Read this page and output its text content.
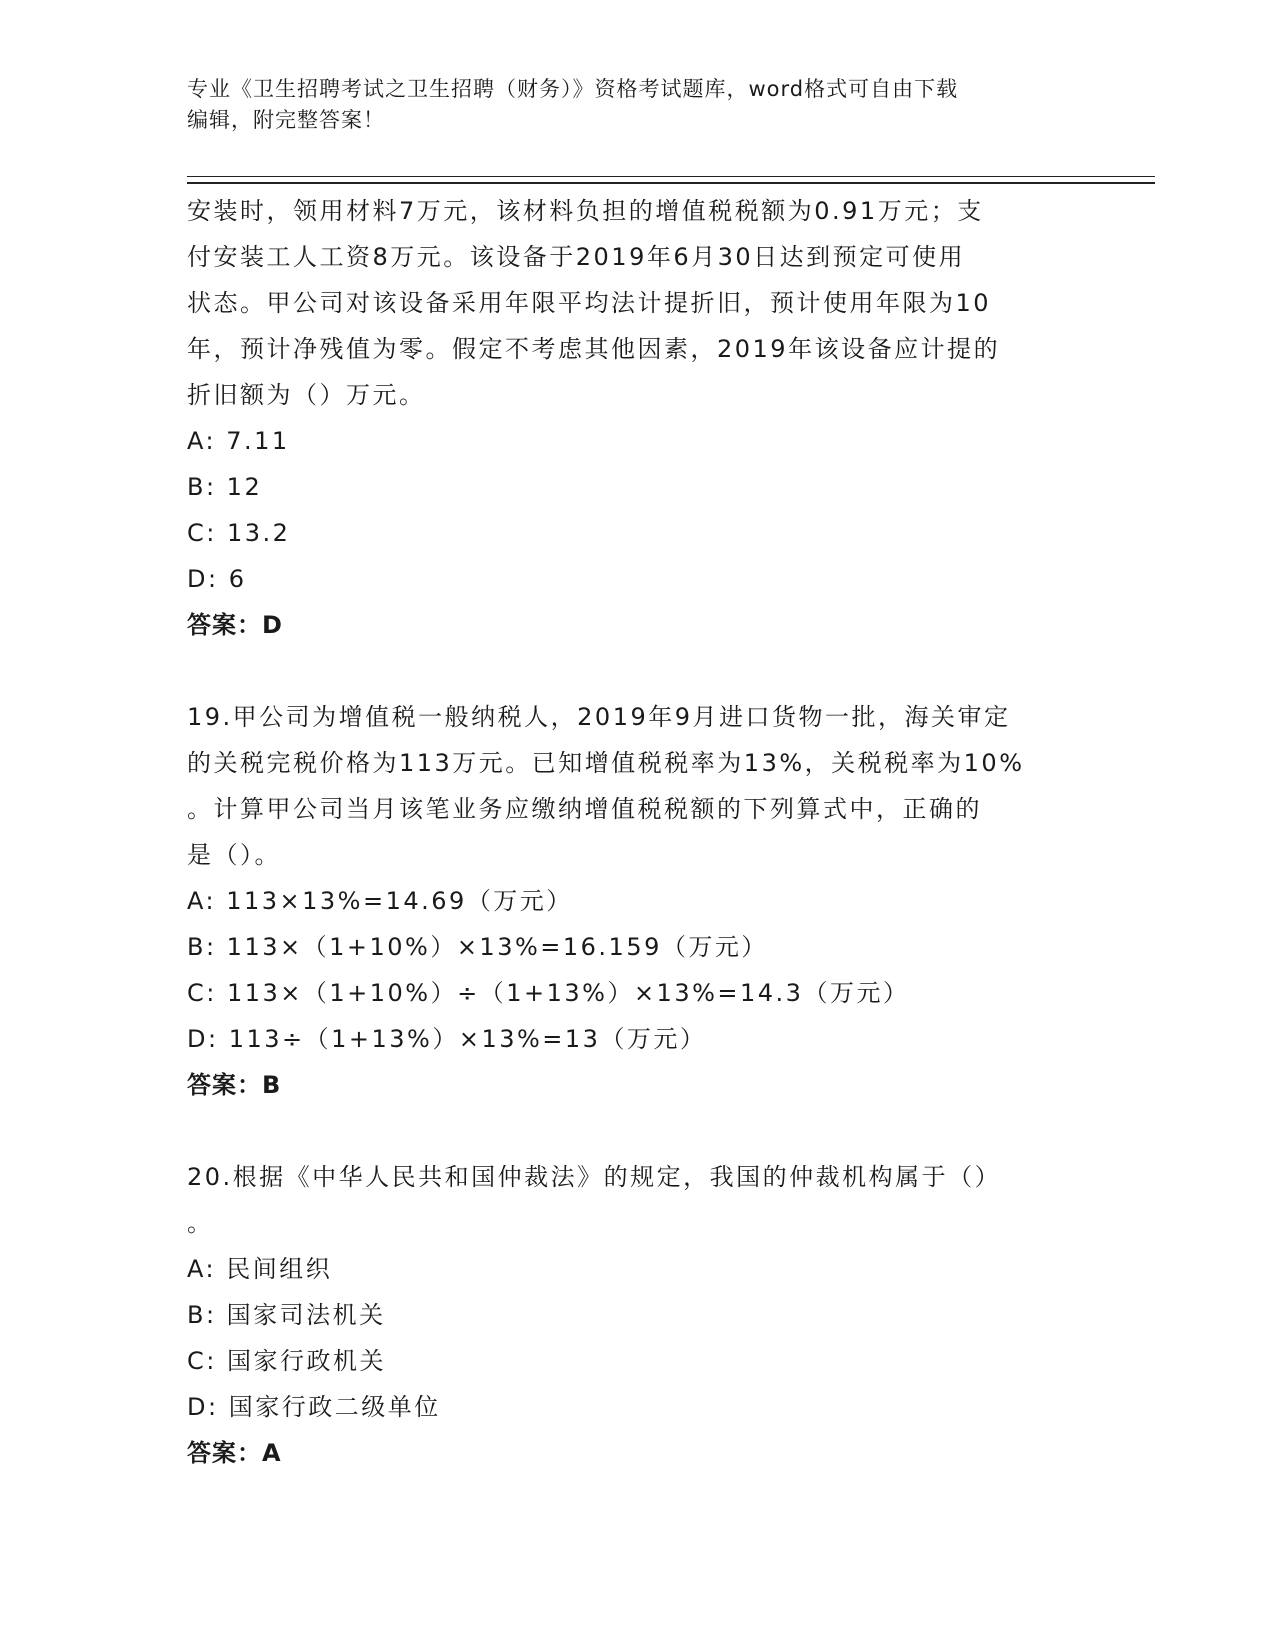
专业《卫生招聘考试之卫生招聘（财务）》资格考试题库，word格式可自由下载
编辑，附完整答案！

安装时，领用材料7万元，该材料负担的增值税税额为0.91万元；支

付安装工人工资8万元。该设备于2019年6月30日达到预定可使用

状态。甲公司对该设备采用年限平均法计提折旧，预计使用年限为10

年，预计净残值为零。假定不考虑其他因素，2019年该设备应计提的

折旧额为（）万元。

A: 7.11

B: 12

C: 13.2

D: 6

答案：D

19.甲公司为增值税一般纳税人，2019年9月进口货物一批，海关审定

的关税完税价格为113万元。已知增值税税率为13%，关税税率为10%

。计算甲公司当月该笔业务应缴纳增值税税额的下列算式中，正确的

是（）。

A: 113×13%=14.69（万元）

B: 113×（1+10%）×13%=16.159（万元）

C: 113×（1+10%）÷（1+13%）×13%=14.3（万元）

D: 113÷（1+13%）×13%=13（万元）

答案：B

20.根据《中华人民共和国仲裁法》的规定，我国的仲裁机构属于（）

。

A: 民间组织

B: 国家司法机关

C: 国家行政机关

D: 国家行政二级单位

答案：A
